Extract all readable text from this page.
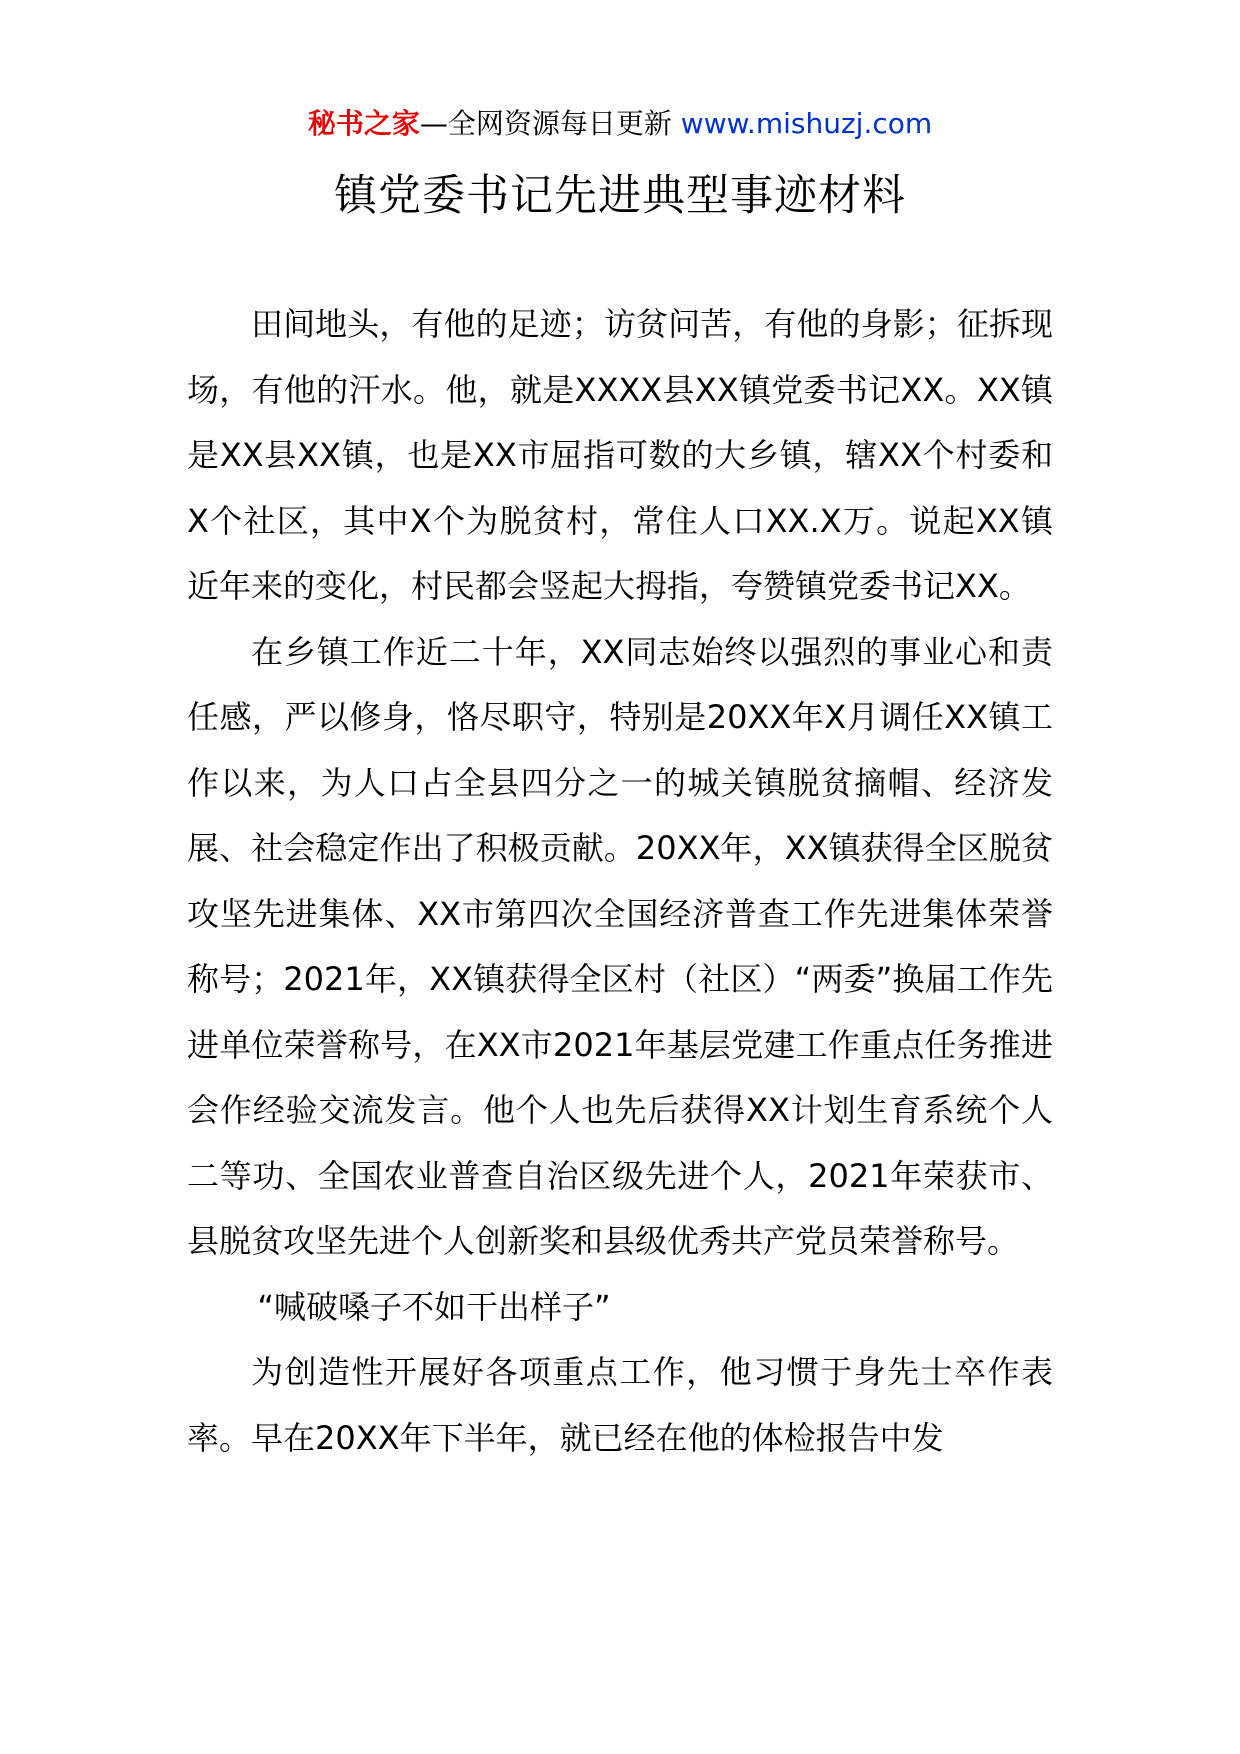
秘书之家—全网资源每日更新 www.mishuzj.com
镇党委书记先进典型事迹材料

田间地头，有他的足迹；访贫问苦，有他的身影；征拆现场，有他的汗水。他，就是XXXX县XX镇党委书记XX。XX镇是XX县XX镇，也是XX市屈指可数的大乡镇，辖XX个村委和X个社区，其中X个为脱贫村，常住人口XX.X万。说起XX镇近年来的变化，村民都会竖起大拇指，夸赞镇党委书记XX。

在乡镇工作近二十年，XX同志始终以强烈的事业心和责任感，严以修身，恪尽职守，特别是20XX年X月调任XX镇工作以来，为人口占全县四分之一的城关镇脱贫摘帽、经济发展、社会稳定作出了积极贡献。20XX年，XX镇获得全区脱贫攻坚先进集体、XX市第四次全国经济普查工作先进集体荣誉称号；2021年，XX镇获得全区村（社区）“两委”换届工作先进单位荣誉称号，在XX市2021年基层党建工作重点任务推进会作经验交流发言。他个人也先后获得XX计划生育系统个人二等功、全国农业普查自治区级先进个人，2021年荣获市、县脱贫攻坚先进个人创新奖和县级优秀共产党员荣誉称号。

“喊破嗓子不如干出样子”

为创造性开展好各项重点工作，他习惯于身先士卒作表率。早在20XX年下半年，就已经在他的体检报告中发
